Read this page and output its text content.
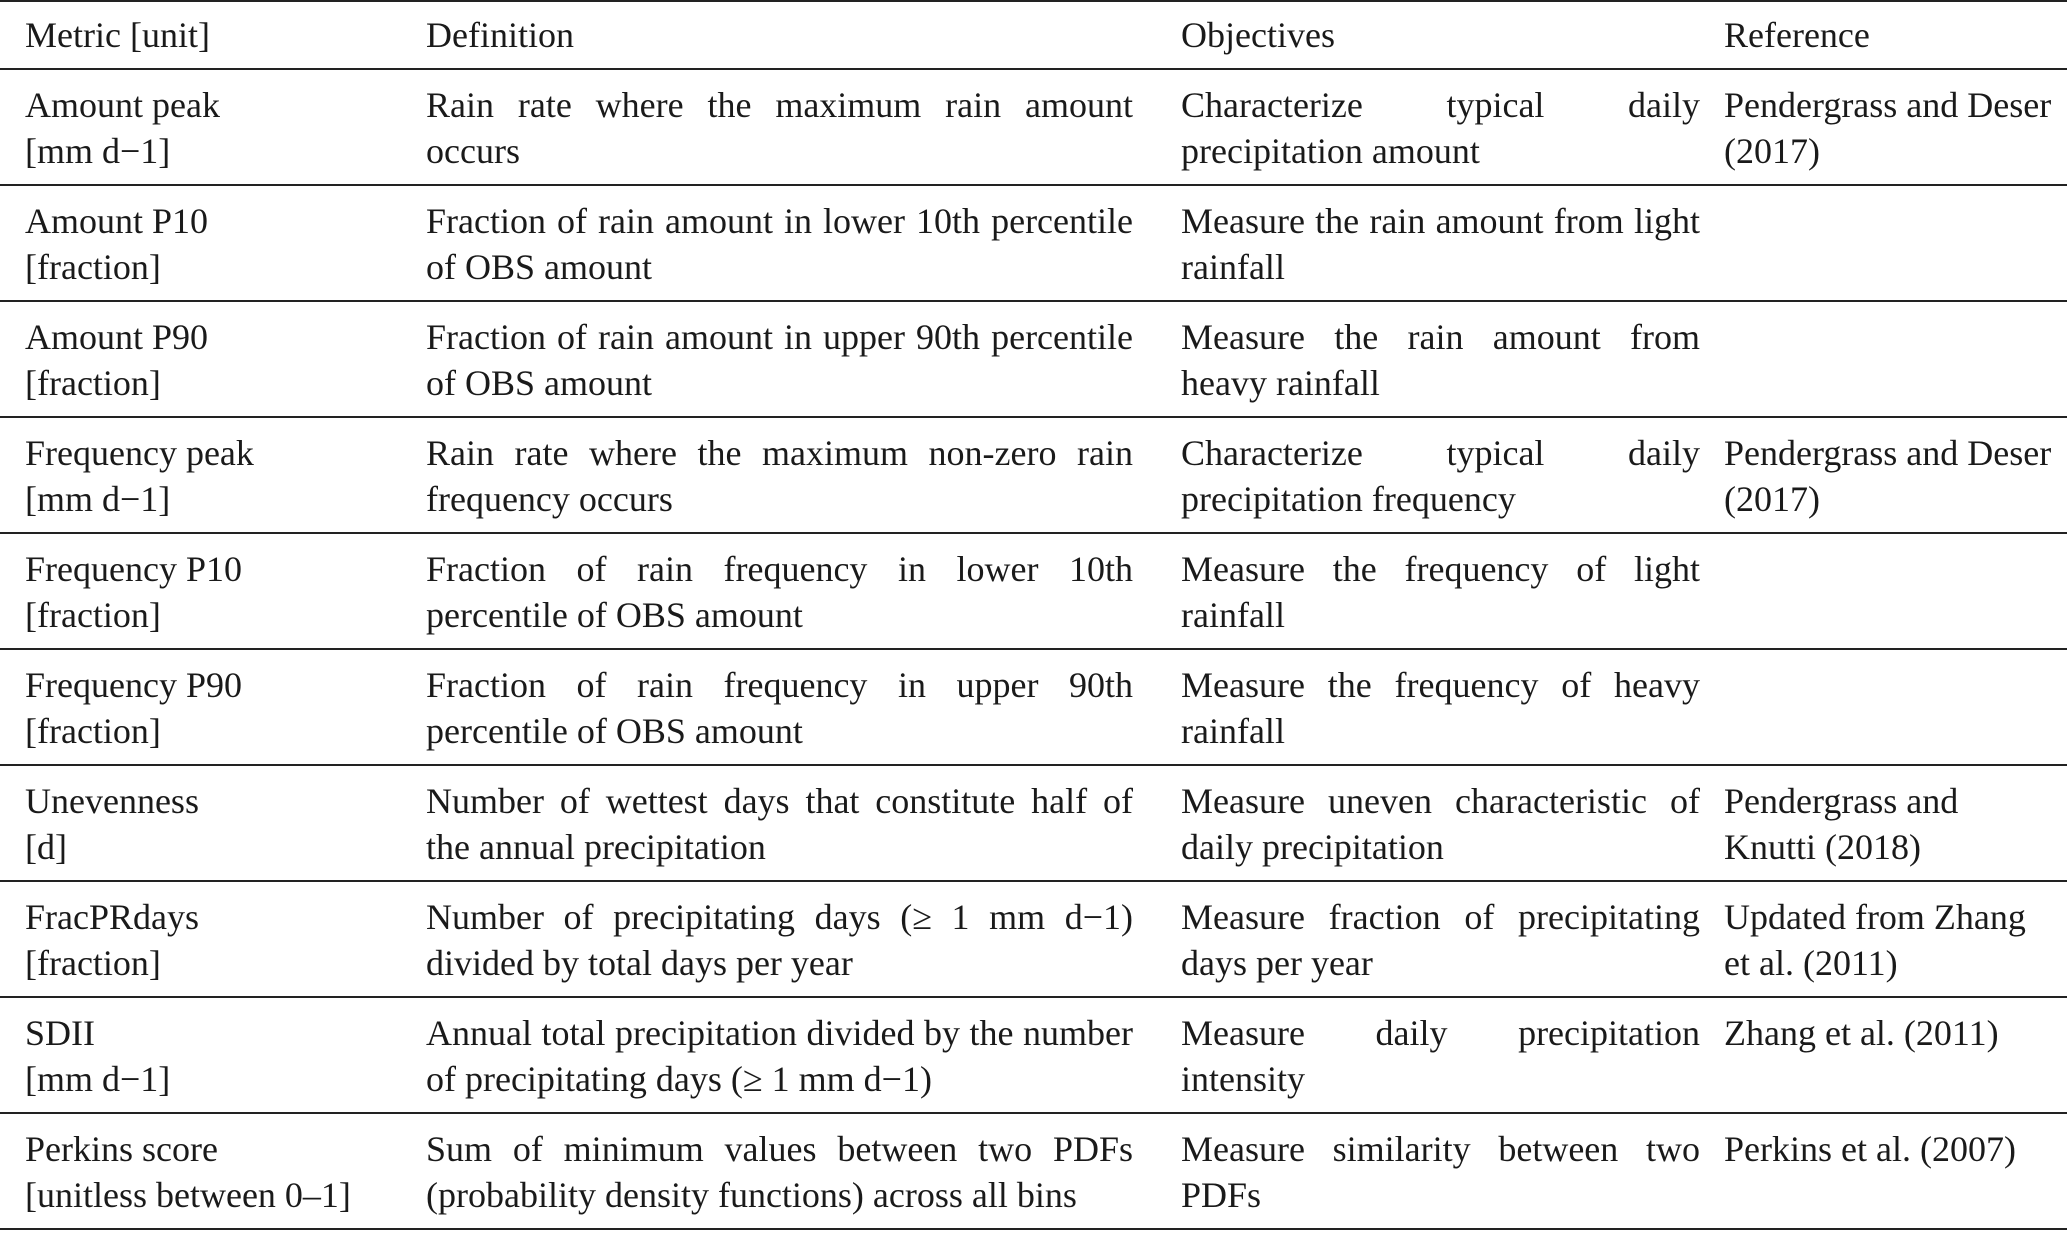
Metric [unit]	Definition	Objectives	Reference

Amount peak
[mm d−1]	Rain rate where the maximum rain amount occurs	Characterize typical daily precipitation amount	Pendergrass and Deser (2017)

Amount P10
[fraction]	Fraction of rain amount in lower 10th percentile of OBS amount	Measure the rain amount from light rainfall	

Amount P90
[fraction]	Fraction of rain amount in upper 90th percentile of OBS amount	Measure the rain amount from heavy rainfall	

Frequency peak
[mm d−1]	Rain rate where the maximum non-zero rain frequency occurs	Characterize typical daily precipitation frequency	Pendergrass and Deser (2017)

Frequency P10
[fraction]	Fraction of rain frequency in lower 10th percentile of OBS amount	Measure the frequency of light rainfall	

Frequency P90
[fraction]	Fraction of rain frequency in upper 90th percentile of OBS amount	Measure the frequency of heavy rainfall	

Unevenness
[d]	Number of wettest days that constitute half of the annual precipitation	Measure uneven characteristic of daily precipitation	Pendergrass and Knutti (2018)

FracPRdays
[fraction]	Number of precipitating days (≥ 1 mm d−1) divided by total days per year	Measure fraction of precipitating days per year	Updated from Zhang et al. (2011)

SDII
[mm d−1]	Annual total precipitation divided by the number of precipitating days (≥ 1 mm d−1)	Measure daily precipitation intensity	Zhang et al. (2011)

Perkins score
[unitless between 0–1]	Sum of minimum values between two PDFs (probability density functions) across all bins	Measure similarity between two PDFs	Perkins et al. (2007)
